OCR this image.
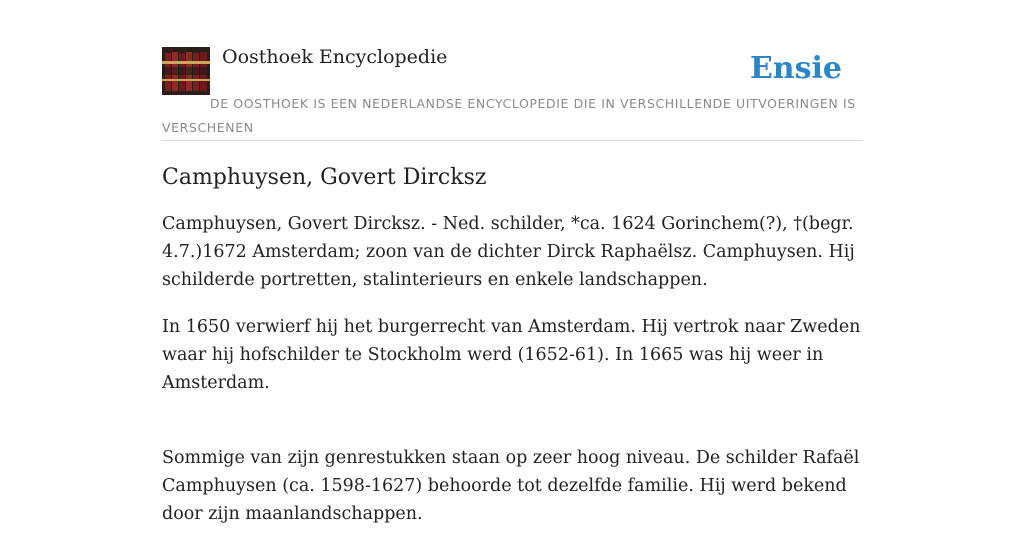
Oosthoek Encyclopedie	Ensie
DE OOSTHOEK IS EEN NEDERLANDSE ENCYCLOPEDIE DIE IN VERSCHILLENDE UITVOERINGEN IS VERSCHENEN
Camphuysen, Govert Dircksz

Camphuysen, Govert Dircksz. - Ned. schilder, *ca. 1624 Gorinchem(?), †(begr. 4.7.)1672 Amsterdam; zoon van de dichter Dirck Raphaëlsz. Camphuysen. Hij schilderde portretten, stalinterieurs en enkele landschappen.

In 1650 verwierf hij het burgerrecht van Amsterdam. Hij vertrok naar Zweden waar hij hofschilder te Stockholm werd (1652-61). In 1665 was hij weer in Amsterdam.

Sommige van zijn genrestukken staan op zeer hoog niveau. De schilder Rafaël Camphuysen (ca. 1598-1627) behoorde tot dezelfde familie. Hij werd bekend door zijn maanlandschappen.
